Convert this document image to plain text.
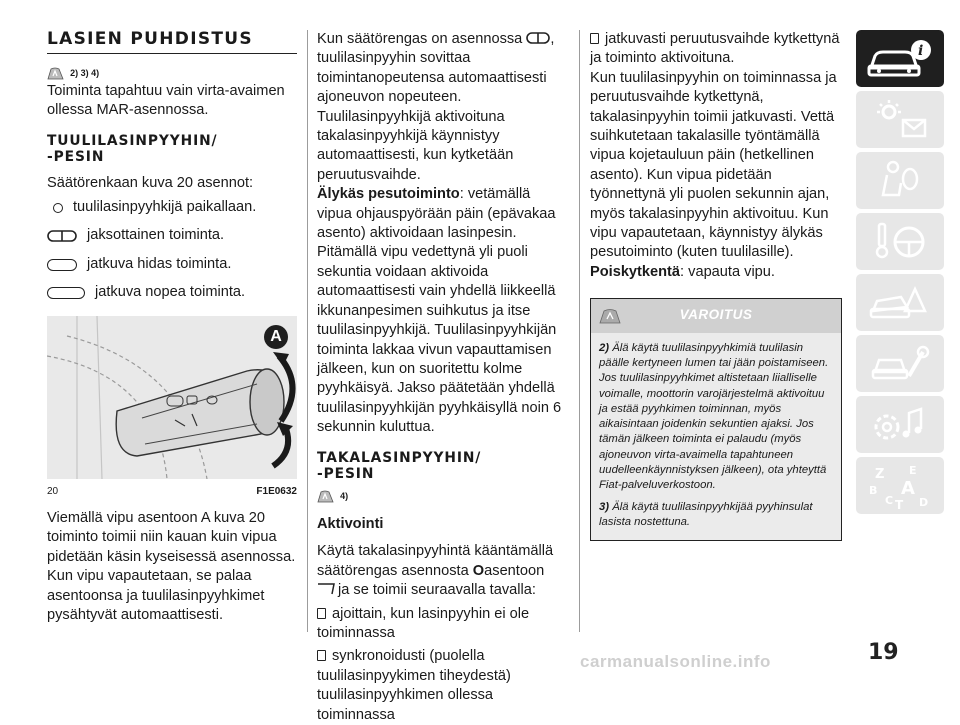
LASIEN PUHDISTUS
2) 3) 4)

Toiminta tapahtuu vain virta-avaimen ollessa MAR-asennossa.

TUULILASINPYYHIN/
-PESIN

Säätörenkaan kuva 20 asennot:

tuulilasinpyyhkijä paikallaan.
jaksottainen toiminta.
jatkuva hidas toiminta.
jatkuva nopea toiminta.
A
20	F1E0632

Viemällä vipu asentoon A kuva 20 toiminto toimii niin kauan kuin vipua pidetään käsin kyseisessä asennossa. Kun vipu vapautetaan, se palaa asentoonsa ja tuulilasinpyyhkimet pysähtyvät automaattisesti.

Kun säätörengas on asennossa , tuulilasinpyyhin sovittaa toimintanopeutensa automaattisesti ajoneuvon nopeuteen. Tuulilasinpyyhkijä aktivoituna takalasinpyyhkijä käynnistyy automaattisesti, kun kytketään peruutusvaihde.

Älykäs pesutoiminto: vetämällä vipua ohjauspyörään päin (epävakaa asento) aktivoidaan lasinpesin. Pitämällä vipu vedettynä yli puoli sekuntia voidaan aktivoida automaattisesti vain yhdellä liikkeellä ikkunanpesimen suihkutus ja itse tuulilasinpyyhkijä. Tuulilasinpyyhkijän toiminta lakkaa vivun vapauttamisen jälkeen, kun on suoritettu kolme pyyhkäisyä. Jakso päätetään yhdellä tuulilasinpyyhkijän pyyhkäisyllä noin 6 sekunnin kuluttua.

TAKALASINPYYHIN/
-PESIN
4)
Aktivointi

Käytä takalasinpyyhintä kääntämällä säätörengas asennosta Oasentoon
ja se toimii seuraavalla tavalla:

ajoittain, kun lasinpyyhin ei ole toiminnassa

synkronoidusti (puolella tuulilasinpyykimen tiheydestä) tuulilasinpyyhkimen ollessa toiminnassa

jatkuvasti peruutusvaihde kytkettynä ja toiminto aktivoituna.

Kun tuulilasinpyyhin on toiminnassa ja peruutusvaihde kytkettynä, takalasinpyyhin toimii jatkuvasti. Vettä suihkutetaan takalasille työntämällä vipua kojetauluun päin (hetkellinen asento). Kun vipua pidetään työnnettynä yli puolen sekunnin ajan, myös takalasinpyyhin aktivoituu. Kun vipu vapautetaan, käynnistyy älykäs pesutoiminto (kuten tuulilasille).

Poiskytkentä: vapauta vipu.

VAROITUS

2) Älä käytä tuulilasinpyyhkimiä tuulilasin päälle kertyneen lumen tai jään poistamiseen. Jos tuulilasinpyyhkimet altistetaan liialliselle voimalle, moottorin varojärjestelmä aktivoituu ja estää pyyhkimen toiminnan, myös aikaisintaan joidenkin sekuntien ajaksi. Jos tämän jälkeen toiminta ei palaudu (myös ajoneuvon virta-avaimella tapahtuneen uudelleenkäynnistyksen jälkeen), ota yhteyttä Fiat-palveluverkostoon.

3) Älä käytä tuulilasinpyyhkijää pyyhinsulat lasista nostettuna.

i
Z E
B A
C T D
19
carmanualsonline.info
